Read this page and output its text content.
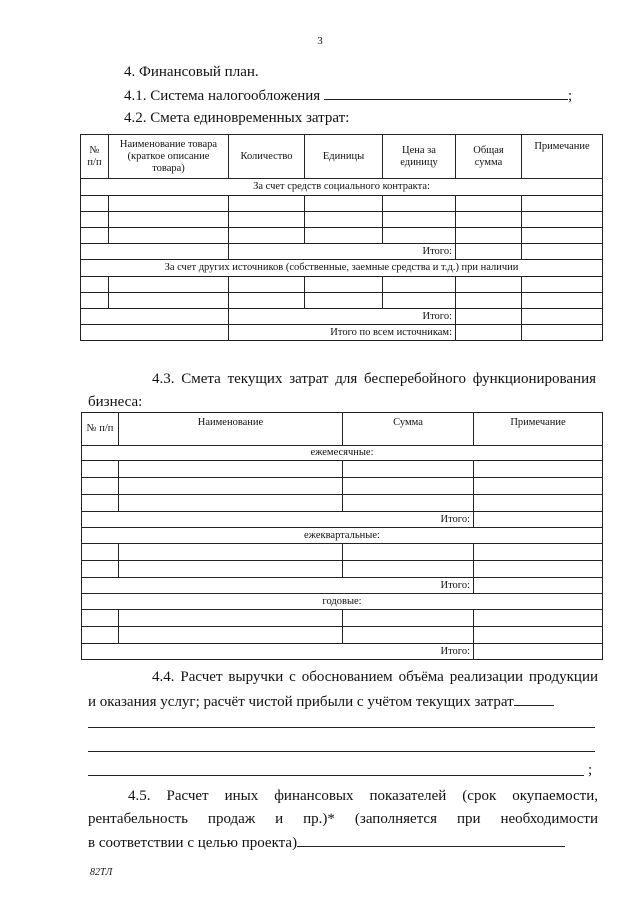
3
4. Финансовый план.
4.1. Система налогообложения	;
4.2. Смета единовременных затрат:
№ п/п	Наименование товара (краткое описание товара)	Количество	Единицы	Цена за единицу	Общая сумма	Примечание
За счет средств социального контракта:						

		Итого:				
За счет других источников (собственные, заемные средства и т.д.) при наличии						

		Итого:				
		Итого по всем источникам:				
4.3. Смета текущих затрат для бесперебойного функционирования
бизнеса:
№ п/п	Наименование	Сумма	Примечание
ежемесячные:			

Итого:			
ежеквартальные:			

Итого:			
годовые:			

Итого:			
4.4. Расчет выручки с обоснованием объёма реализации продукции
и оказания услуг; расчёт чистой прибыли с учётом текущих затрат
;
4.5. Расчет иных финансовых показателей (срок окупаемости,
рентабельность продаж и пр.)* (заполняется при необходимости
в соответствии с целью проекта)
82ТЛ
